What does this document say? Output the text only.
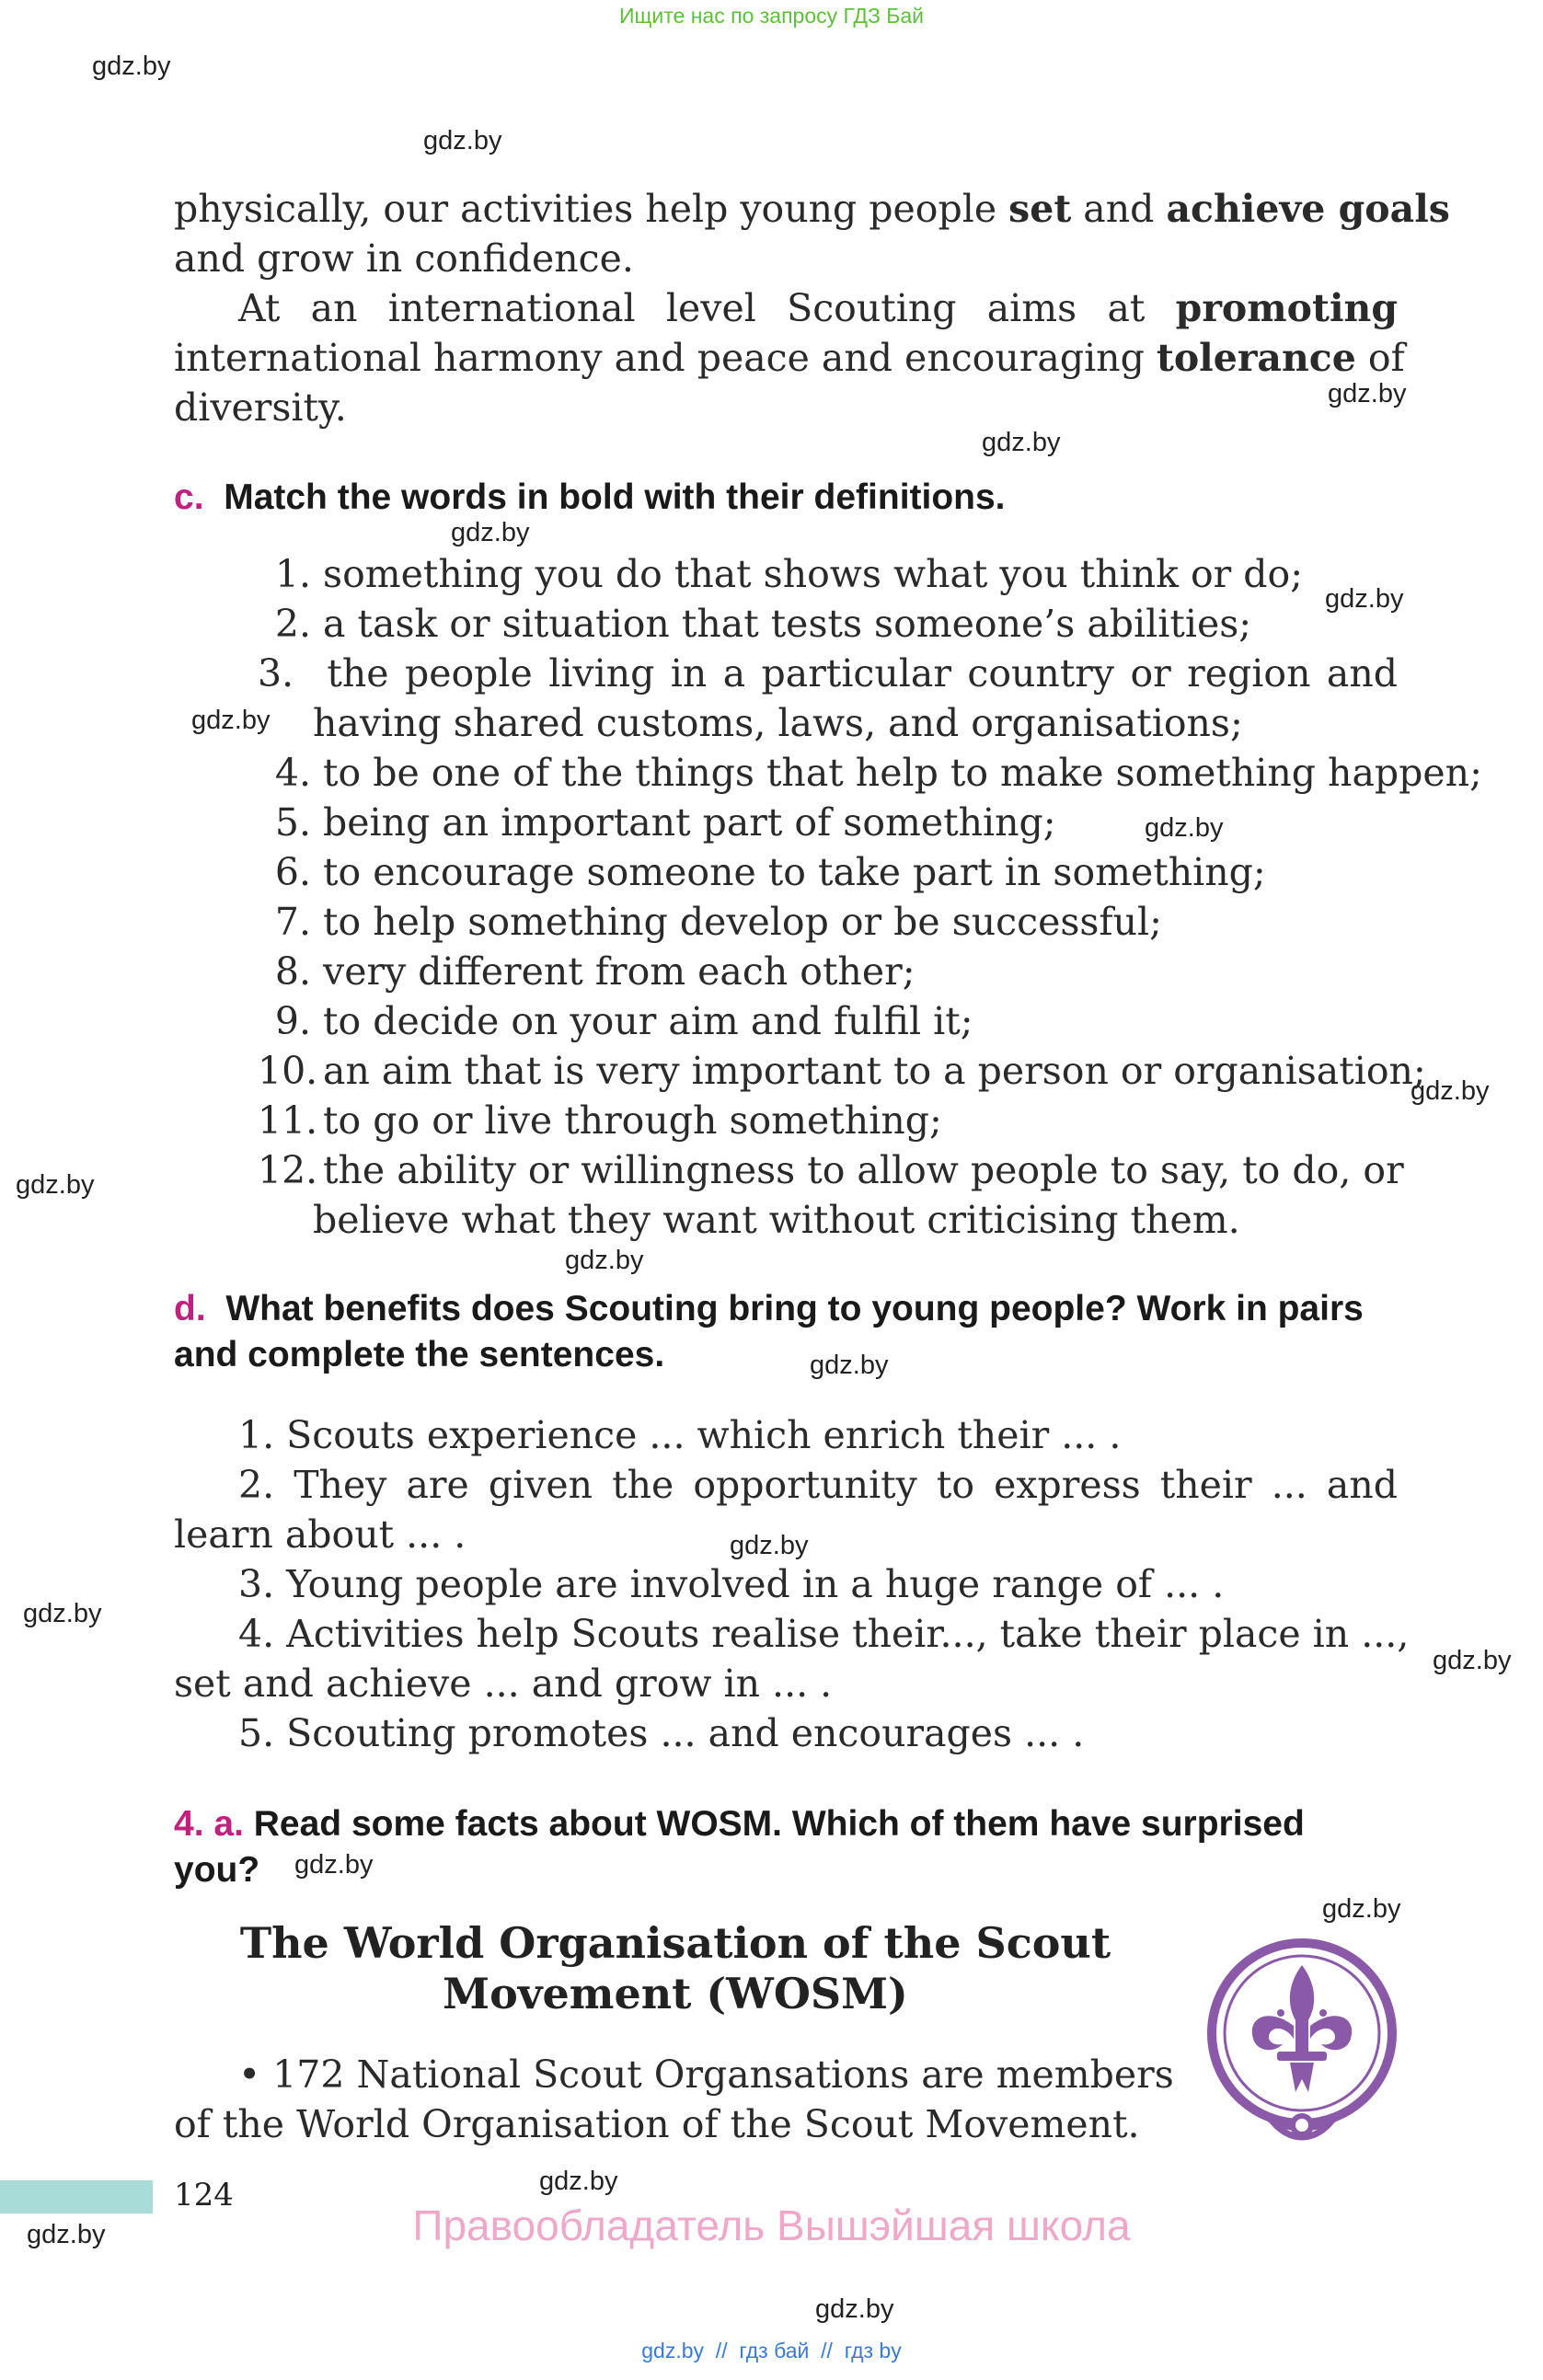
Ищите нас по запросу ГДЗ Бай
gdz.by
gdz.by
gdz.by
gdz.by
gdz.by
gdz.by
gdz.by
gdz.by
gdz.by
gdz.by
gdz.by
gdz.by
gdz.by
gdz.by
gdz.by
gdz.by
gdz.by
gdz.by
gdz.by
gdz.by
physically, our activities help young people set and achieve goals
and grow in confidence.
At an international level Scouting aims at promoting
international harmony and peace and encouraging tolerance of
diversity.
c. Match the words in bold with their definitions.
1. something you do that shows what you think or do;
2. a task or situation that tests someone’s abilities;
3. the people living in a particular country or region and
having shared customs, laws, and organisations;
4. to be one of the things that help to make something happen;
5. being an important part of something;
6. to encourage someone to take part in something;
7. to help something develop or be successful;
8. very different from each other;
9. to decide on your aim and fulfil it;
10. an aim that is very important to a person or organisation;
11. to go or live through something;
12. the ability or willingness to allow people to say, to do, or
believe what they want without criticising them.
d. What benefits does Scouting bring to young people? Work in pairs
and complete the sentences.
1. Scouts experience ... which enrich their ... .
2. They are given the opportunity to express their ... and
learn about ... .
3. Young people are involved in a huge range of ... .
4. Activities help Scouts realise their..., take their place in ...,
set and achieve ... and grow in ... .
5. Scouting promotes ... and encourages ... .
4. a. Read some facts about WOSM. Which of them have surprised
you?
The World Organisation of the Scout
Movement (WOSM)
• 172 National Scout Organsations are members
of the World Organisation of the Scout Movement.
124
Правообладатель Вышэйшая школа
gdz.by  //  гдз бай  //  гдз by
